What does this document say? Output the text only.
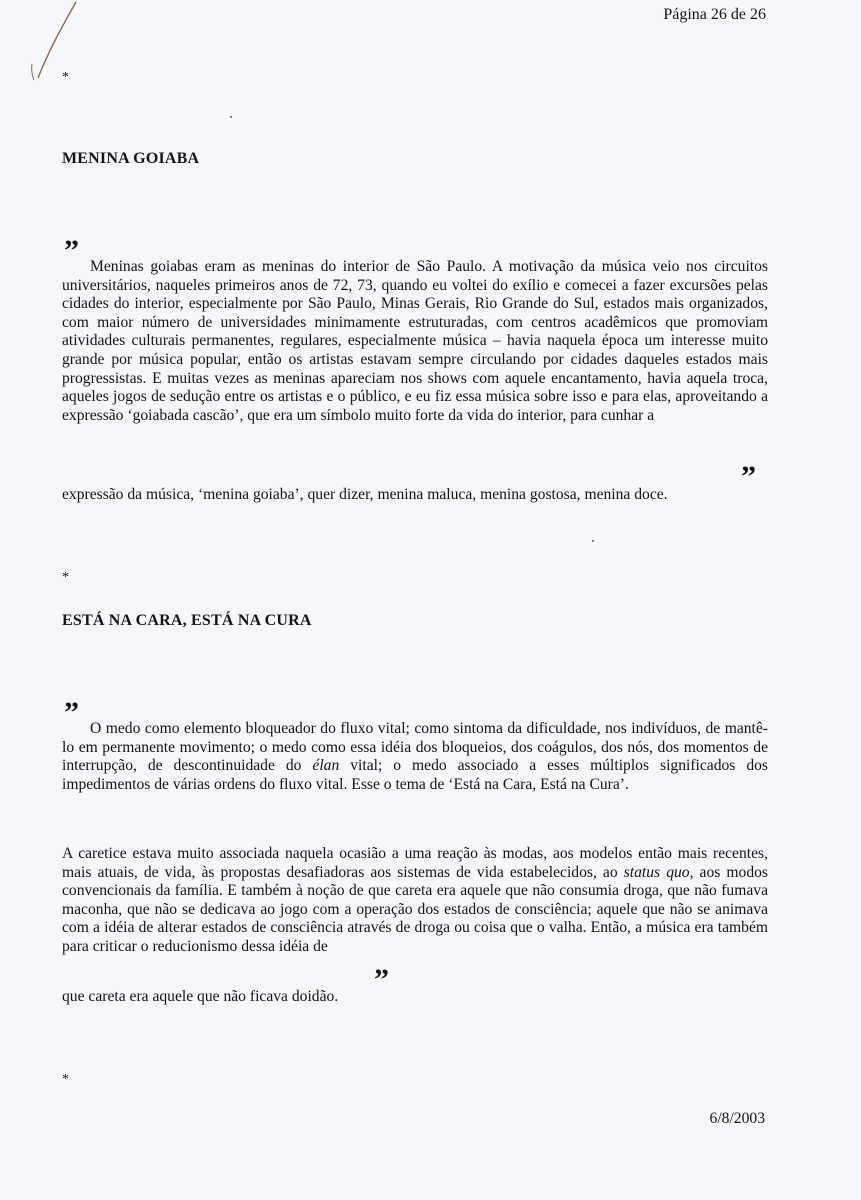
Página 26 de 26
*
MENINA GOIABA
” Meninas goiabas eram as meninas do interior de São Paulo. A motivação da música veio nos circuitos universitários, naqueles primeiros anos de 72, 73, quando eu voltei do exílio e comecei a fazer excursões pelas cidades do interior, especialmente por São Paulo, Minas Gerais, Rio Grande do Sul, estados mais organizados, com maior número de universidades minimamente estruturadas, com centros acadêmicos que promoviam atividades culturais permanentes, regulares, especialmente música – havia naquela época um interesse muito grande por música popular, então os artistas estavam sempre circulando por cidades daqueles estados mais progressistas. E muitas vezes as meninas apareciam nos shows com aquele encantamento, havia aquela troca, aqueles jogos de sedução entre os artistas e o público, e eu fiz essa música sobre isso e para elas, aproveitando a expressão ‘goiabada cascão’, que era um símbolo muito forte da vida do interior, para cunhar a

”
expressão da música, ‘menina goiaba’, quer dizer, menina maluca, menina gostosa, menina doce.
*
ESTÁ NA CARA, ESTÁ NA CURA
” O medo como elemento bloqueador do fluxo vital; como sintoma da dificuldade, nos indivíduos, de mantê-lo em permanente movimento; o medo como essa idéia dos bloqueios, dos coágulos, dos nós, dos momentos de interrupção, de descontinuidade do élan vital; o medo associado a esses múltiplos significados dos impedimentos de várias ordens do fluxo vital. Esse o tema de ‘Está na Cara, Está na Cura’.

A caretice estava muito associada naquela ocasião a uma reação às modas, aos modelos então mais recentes, mais atuais, de vida, às propostas desafiadoras aos sistemas de vida estabelecidos, ao status quo, aos modos convencionais da família. E também à noção de que careta era aquele que não consumia droga, que não fumava maconha, que não se dedicava ao jogo com a operação dos estados de consciência; aquele que não se animava com a idéia de alterar estados de consciência através de droga ou coisa que o valha. Então, a música era também para criticar o reducionismo dessa idéia de

”
que careta era aquele que não ficava doidão.
*
6/8/2003
